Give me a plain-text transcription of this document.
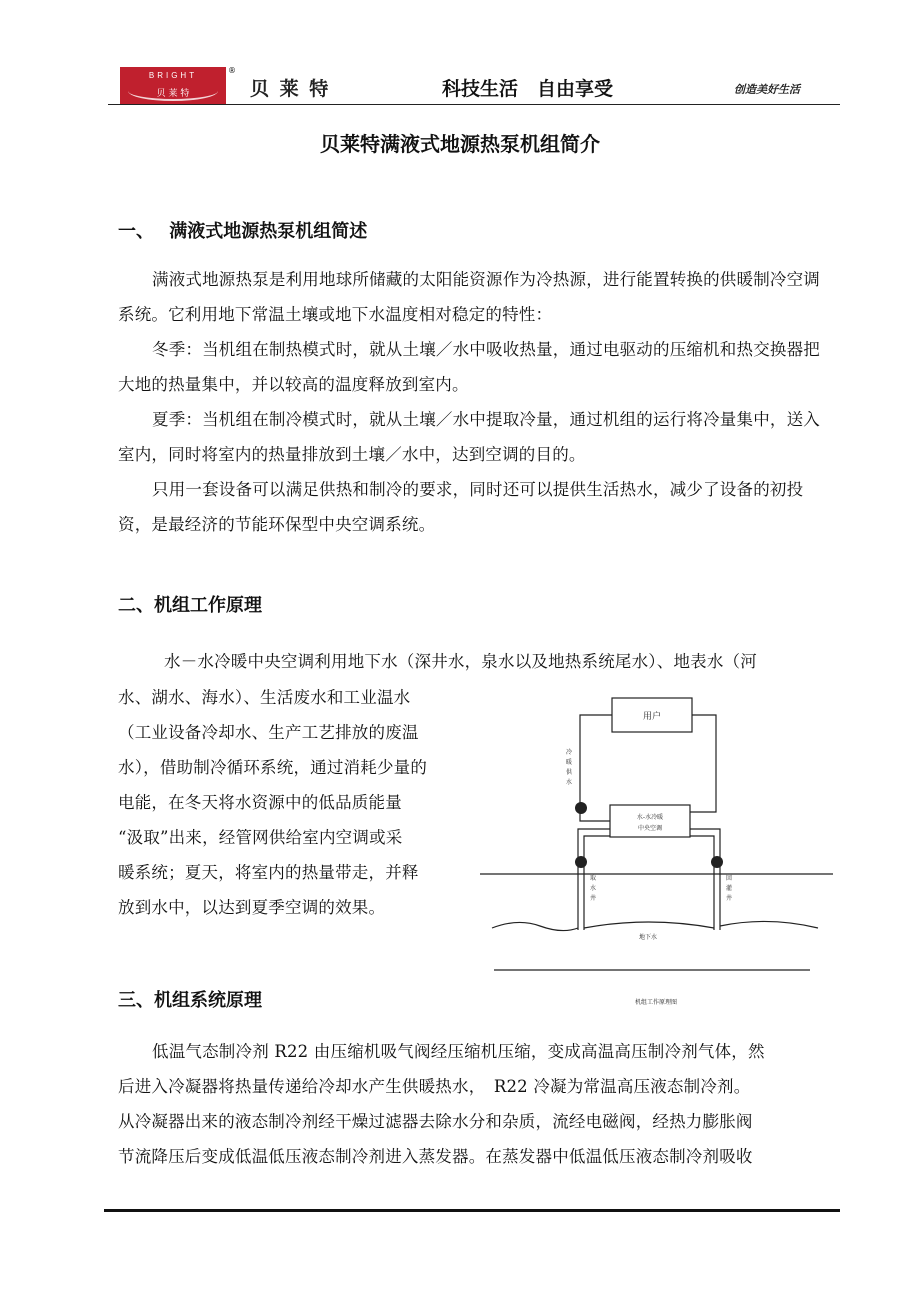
BRIGHT
贝 莱 特
®
贝 莱 特	科技生活　自由享受	创造美好生活
贝莱特满液式地源热泵机组简介
一、　 满液式地源热泵机组简述

满液式地源热泵是利用地球所储藏的太阳能资源作为冷热源，进行能置转换的供暖制冷空调系统。它利用地下常温土壤或地下水温度相对稳定的特性：

冬季：当机组在制热模式时，就从土壤／水中吸收热量，通过电驱动的压缩机和热交换器把大地的热量集中，并以较高的温度释放到室内。

夏季：当机组在制冷模式时，就从土壤／水中提取冷量，通过机组的运行将冷量集中，送入室内，同时将室内的热量排放到土壤／水中，达到空调的目的。

只用一套设备可以满足供热和制冷的要求，同时还可以提供生活热水，减少了设备的初投资，是最经济的节能环保型中央空调系统。

二、机组工作原理

水－水冷暖中央空调利用地下水（深井水，泉水以及地热系统尾水）、地表水（河

水、湖水、海水）、生活废水和工业温水

（工业设备冷却水、生产工艺排放的废温

水），借助制冷循环系统，通过消耗少量的

电能，在冬天将水资源中的低品质能量

“汲取”出来，经管网供给室内空调或采

暖系统；夏天，将室内的热量带走，并释

放到水中，以达到夏季空调的效果。

用户
水-水冷暖
中央空调
冷
暖
供
水
取
水
井
回
灌
井
地下水
机组工作原理图
三、机组系统原理

低温气态制冷剂 R22 由压缩机吸气阀经压缩机压缩，变成高温高压制冷剂气体，然

后进入冷凝器将热量传递给冷却水产生供暖热水，　R22 冷凝为常温高压液态制冷剂。

从冷凝器出来的液态制冷剂经干燥过滤器去除水分和杂质，流经电磁阀，经热力膨胀阀

节流降压后变成低温低压液态制冷剂进入蒸发器。在蒸发器中低温低压液态制冷剂吸收
